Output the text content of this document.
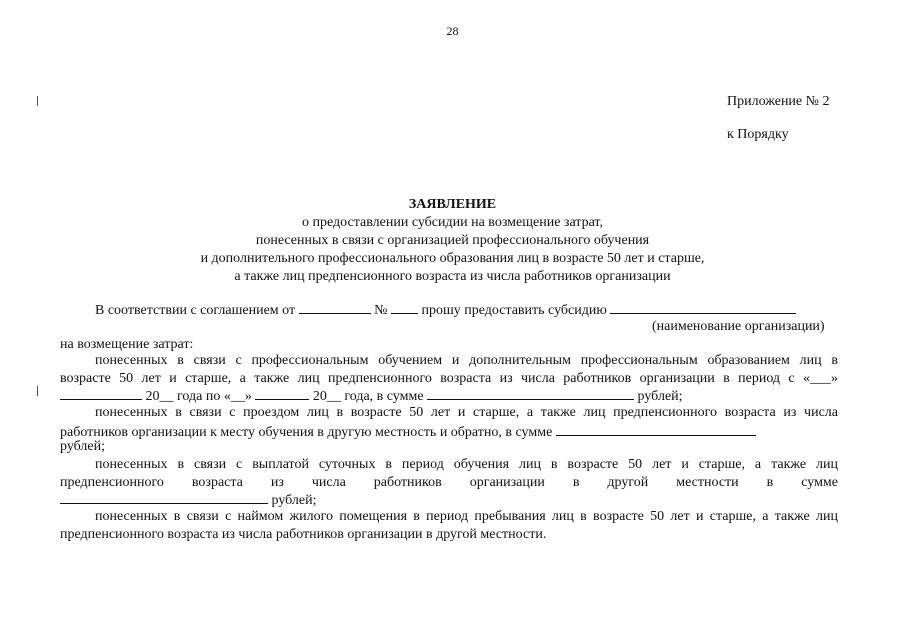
28
Приложение № 2
к Порядку
ЗАЯВЛЕНИЕ
о предоставлении субсидии на возмещение затрат,
понесенных в связи с организацией профессионального обучения
и дополнительного профессионального образования лиц в возрасте 50 лет и старше,
а также лиц предпенсионного возраста из числа работников организации
В соответствии с соглашением от	№ прошу предоставить субсидию
(наименование организации)
на возмещение затрат:
понесенных в связи с профессиональным обучением и дополнительным профессиональным образованием лиц в
возрасте 50 лет и старше, а также лиц предпенсионного возраста из числа работников организации в период с «___»
20__ года по «__»	20__ года, в сумме	рублей;
понесенных в связи с проездом лиц в возрасте 50 лет и старше, а также лиц предпенсионного возраста из числа
работников организации к месту обучения в другую местность и обратно, в сумме
рублей;
понесенных в связи с выплатой суточных в период обучения лиц в возрасте 50 лет и старше, а также лиц
предпенсионного возраста из числа работников организации в другой местности в сумме
рублей;
понесенных в связи с наймом жилого помещения в период пребывания лиц в возрасте 50 лет и старше, а также лиц
предпенсионного возраста из числа работников организации в другой местности.
